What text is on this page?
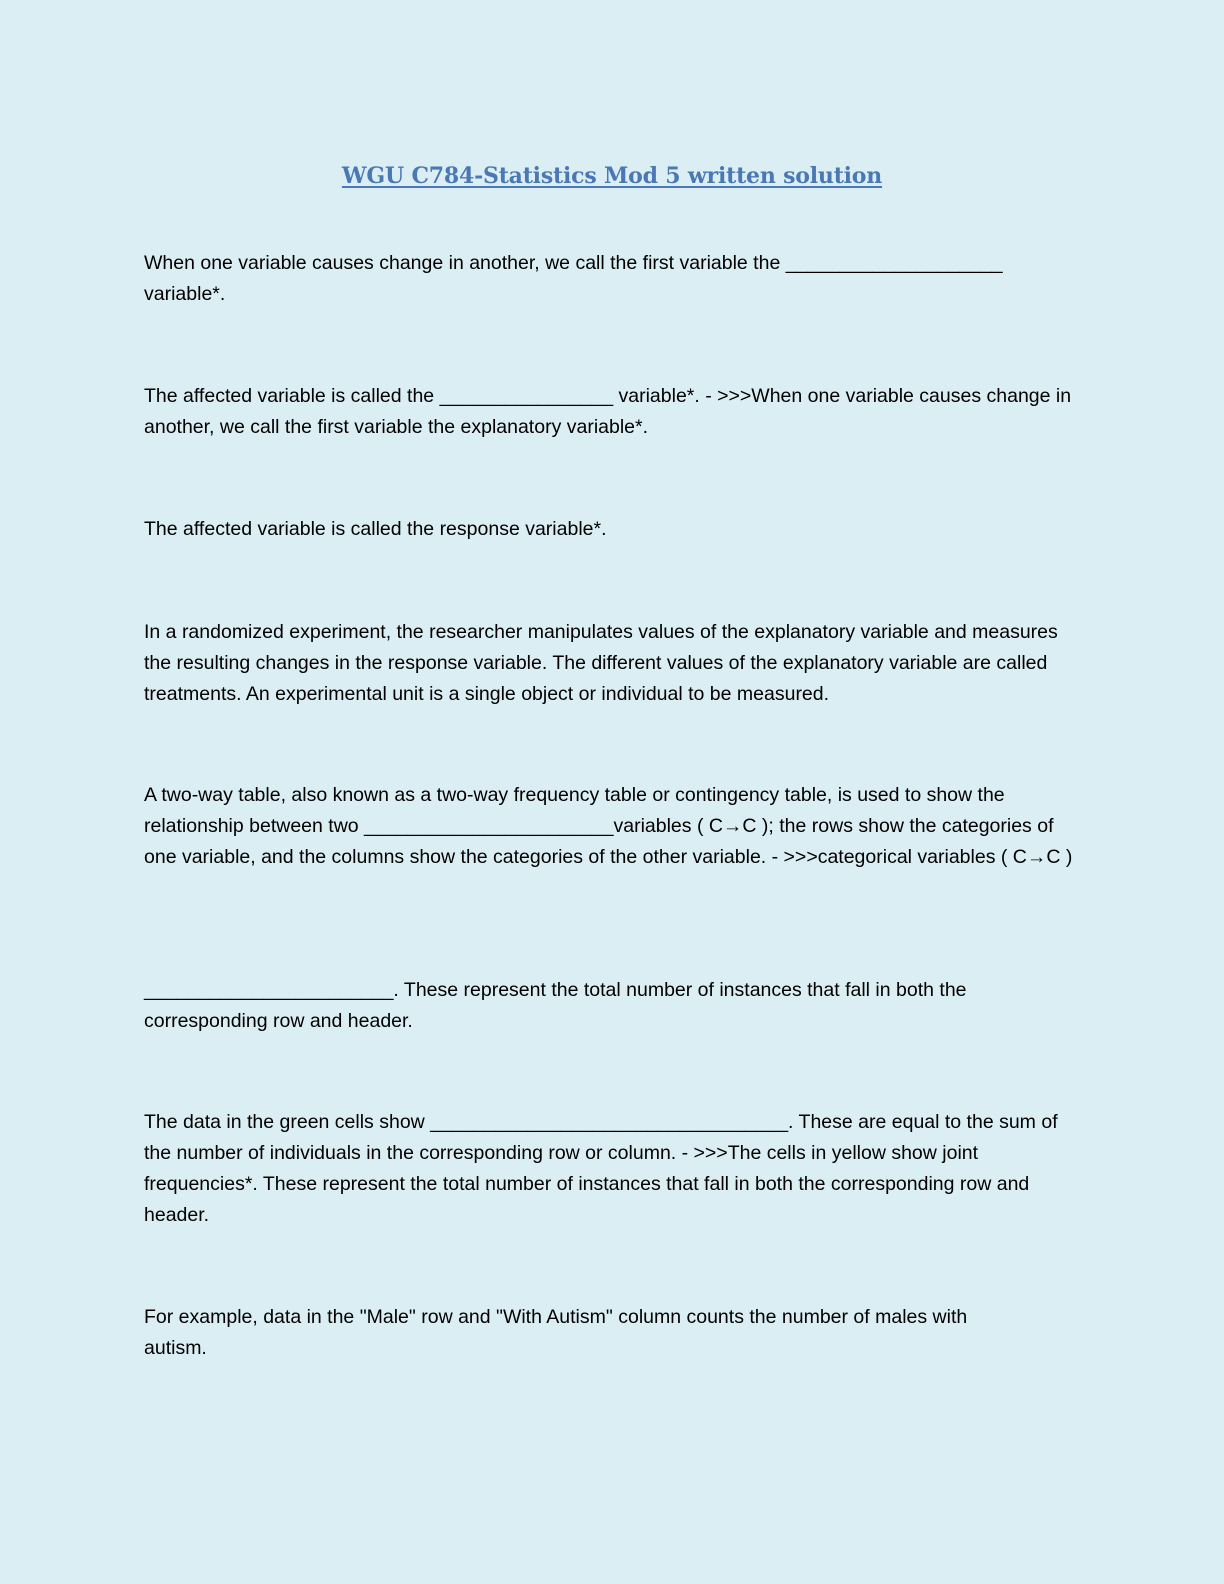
WGU C784-Statistics Mod 5 written solution

When one variable causes change in another, we call the first variable the ____________________ variable*.

The affected variable is called the ________________ variable*. - >>>When one variable causes change in another, we call the first variable the explanatory variable*.

The affected variable is called the response variable*.

In a randomized experiment, the researcher manipulates values of the explanatory variable and measures the resulting changes in the response variable. The different values of the explanatory variable are called treatments. An experimental unit is a single object or individual to be measured.

A two-way table, also known as a two-way frequency table or contingency table, is used to show the relationship between two _______________________variables ( C→C ); the rows show the categories of one variable, and the columns show the categories of the other variable. - >>>categorical variables ( C→C )

_______________________. These represent the total number of instances that fall in both the corresponding row and header.

The data in the green cells show _________________________________. These are equal to the sum of the number of individuals in the corresponding row or column. - >>>The cells in yellow show joint frequencies*. These represent the total number of instances that fall in both the corresponding row and header.

For example, data in the "Male" row and "With Autism" column counts the number of males with autism.
